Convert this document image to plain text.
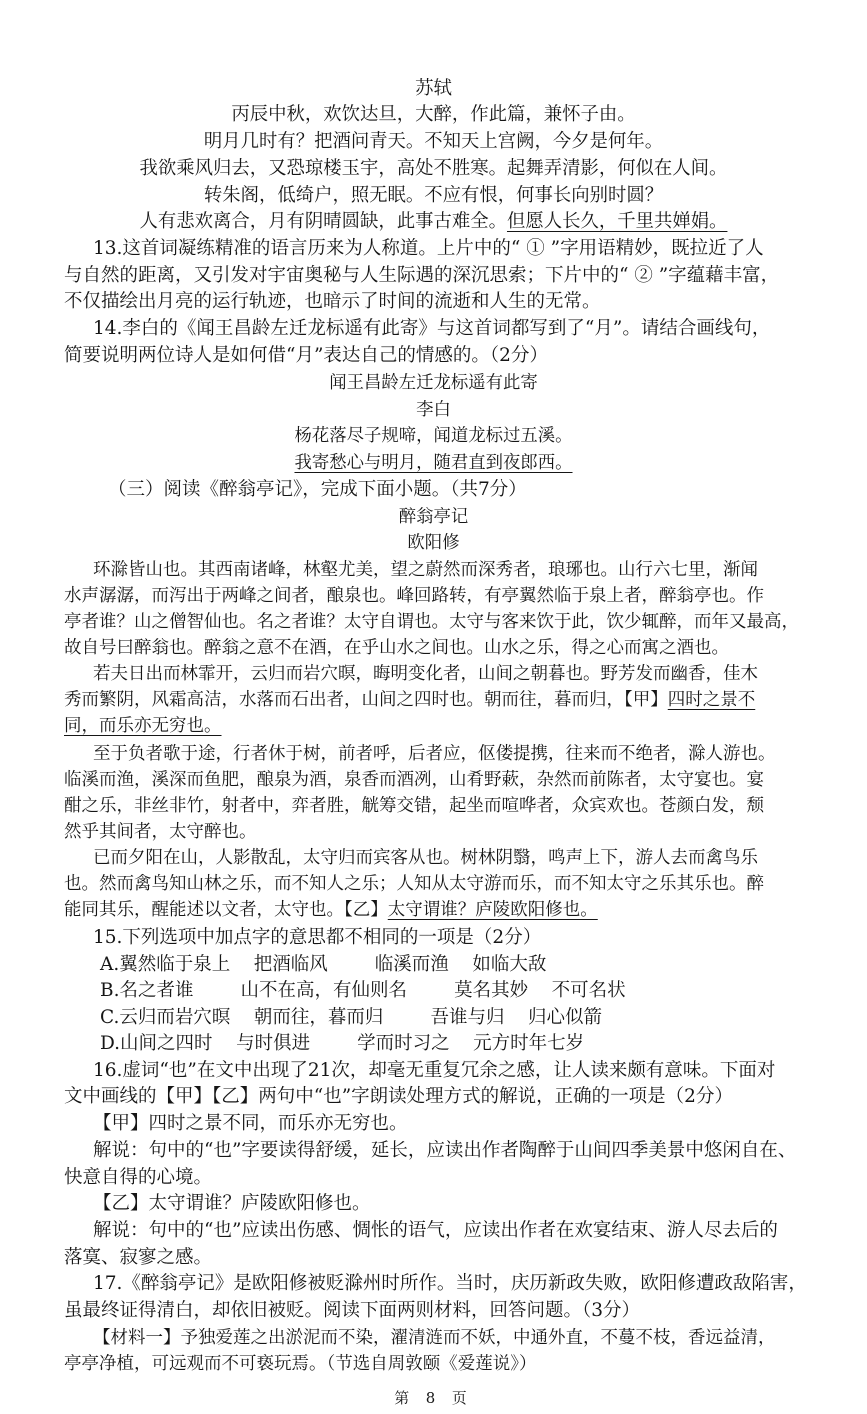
苏轼
丙辰中秋，欢饮达旦，大醉，作此篇，兼怀子由。
明月几时有？把酒问青天。不知天上宫阙，今夕是何年。
我欲乘风归去，又恐琼楼玉宇，高处不胜寒。起舞弄清影，何似在人间。
转朱阁，低绮户，照无眠。不应有恨，何事长向别时圆？
人有悲欢离合，月有阴晴圆缺，此事古难全。但愿人长久，千里共婵娟。
13.这首词凝练精准的语言历来为人称道。上片中的“ ① ”字用语精妙，既拉近了人
与自然的距离，又引发对宇宙奥秘与人生际遇的深沉思索；下片中的“ ② ”字蕴藉丰富，
不仅描绘出月亮的运行轨迹，也暗示了时间的流逝和人生的无常。
14.李白的《闻王昌龄左迁龙标遥有此寄》与这首词都写到了“月”。请结合画线句，
简要说明两位诗人是如何借“月”表达自己的情感的。（2分）
闻王昌龄左迁龙标遥有此寄
李白
杨花落尽子规啼，闻道龙标过五溪。
我寄愁心与明月，随君直到夜郎西。
（三）阅读《醉翁亭记》，完成下面小题。（共7分）
醉翁亭记
欧阳修
环滁皆山也。其西南诸峰，林壑尤美，望之蔚然而深秀者，琅琊也。山行六七里，渐闻
水声潺潺，而泻出于两峰之间者，酿泉也。峰回路转，有亭翼然临于泉上者，醉翁亭也。作
亭者谁？山之僧智仙也。名之者谁？太守自谓也。太守与客来饮于此，饮少辄醉，而年又最高，
故自号曰醉翁也。醉翁之意不在酒，在乎山水之间也。山水之乐，得之心而寓之酒也。
若夫日出而林霏开，云归而岩穴暝，晦明变化者，山间之朝暮也。野芳发而幽香，佳木
秀而繁阴，风霜高洁，水落而石出者，山间之四时也。朝而往，暮而归，【甲】四时之景不
同，而乐亦无穷也。
至于负者歌于途，行者休于树，前者呼，后者应，伛偻提携，往来而不绝者，滁人游也。
临溪而渔，溪深而鱼肥，酿泉为酒，泉香而酒冽，山肴野蔌，杂然而前陈者，太守宴也。宴
酣之乐，非丝非竹，射者中，弈者胜，觥筹交错，起坐而喧哗者，众宾欢也。苍颜白发，颓
然乎其间者，太守醉也。
已而夕阳在山，人影散乱，太守归而宾客从也。树林阴翳，鸣声上下，游人去而禽鸟乐
也。然而禽鸟知山林之乐，而不知人之乐；人知从太守游而乐，而不知太守之乐其乐也。醉
能同其乐，醒能述以文者，太守也。【乙】太守谓谁？庐陵欧阳修也。
15.下列选项中加点字的意思都不相同的一项是（2分）
A.翼然临于泉上    把酒临风        临溪而渔    如临大敌
B.名之者谁        山不在高，有仙则名        莫名其妙    不可名状
C.云归而岩穴暝    朝而往，暮而归        吾谁与归    归心似箭
D.山间之四时    与时俱进        学而时习之    元方时年七岁
16.虚词“也”在文中出现了21次，却毫无重复冗余之感，让人读来颇有意味。下面对
文中画线的【甲】【乙】两句中“也”字朗读处理方式的解说，正确的一项是（2分）
【甲】四时之景不同，而乐亦无穷也。
解说：句中的“也”字要读得舒缓，延长，应读出作者陶醉于山间四季美景中悠闲自在、
快意自得的心境。
【乙】太守谓谁？庐陵欧阳修也。
解说：句中的“也”应读出伤感、惆怅的语气，应读出作者在欢宴结束、游人尽去后的
落寞、寂寥之感。
17.《醉翁亭记》是欧阳修被贬滁州时所作。当时，庆历新政失败，欧阳修遭政敌陷害，
虽最终证得清白，却依旧被贬。阅读下面两则材料，回答问题。（3分）
【材料一】予独爱莲之出淤泥而不染，濯清涟而不妖，中通外直，不蔓不枝，香远益清，
亭亭净植，可远观而不可亵玩焉。（节选自周敦颐《爱莲说》）
第 8 页
